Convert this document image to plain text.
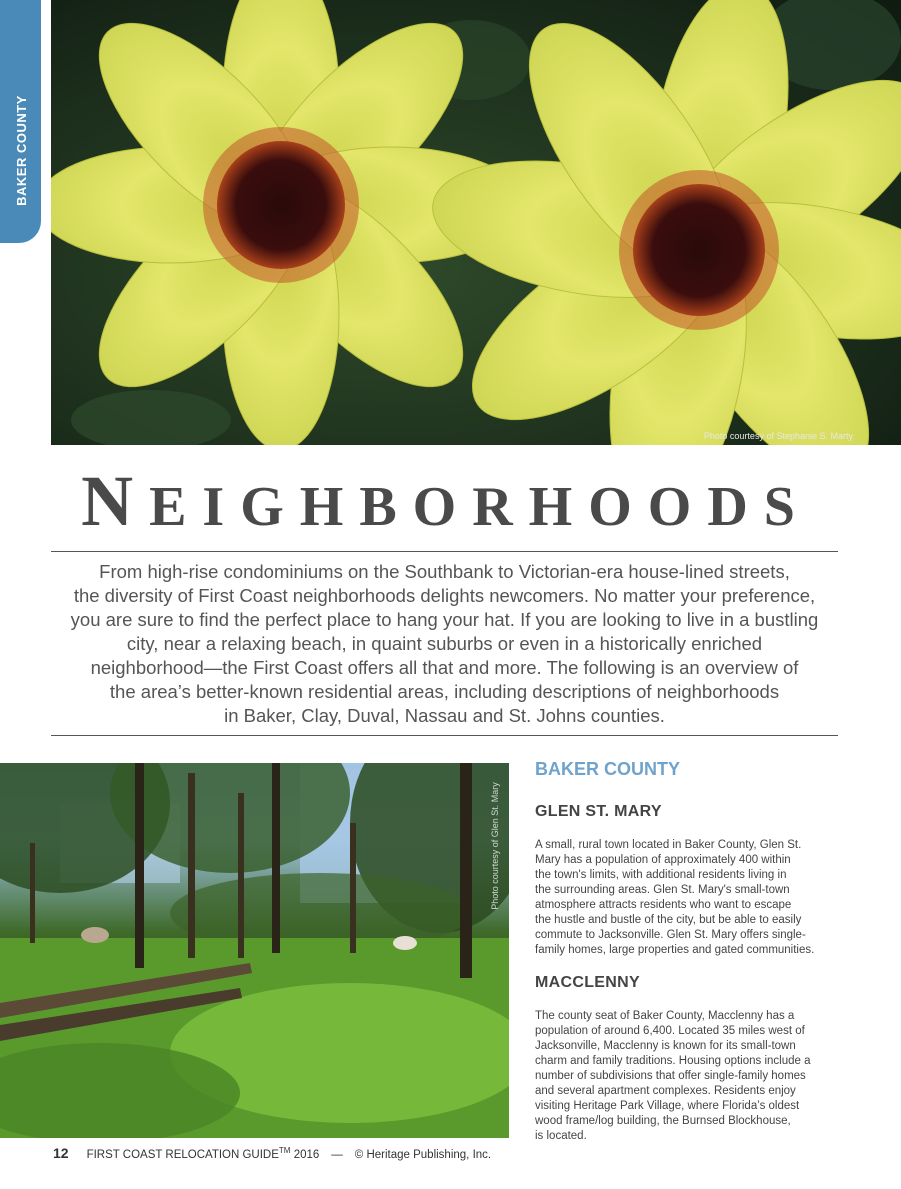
BAKER COUNTY
Photo courtesy of Stephanie S. Marty
NEIGHBORHOODS

From high-rise condominiums on the Southbank to Victorian-era house-lined streets,

the diversity of First Coast neighborhoods delights newcomers. No matter your preference,

you are sure to find the perfect place to hang your hat. If you are looking to live in a bustling

city, near a relaxing beach, in quaint suburbs or even in a historically enriched

neighborhood—the First Coast offers all that and more. The following is an overview of

the area’s better-known residential areas, including descriptions of neighborhoods

in Baker, Clay, Duval, Nassau and St. Johns counties.

Photo courtesy of Glen St. Mary
BAKER COUNTY
GLEN ST. MARY

A small, rural town located in Baker County, Glen St.

Mary has a population of approximately 400 within

the town's limits, with additional residents living in

the surrounding areas. Glen St. Mary's small-town

atmosphere attracts residents who want to escape

the hustle and bustle of the city, but be able to easily

commute to Jacksonville. Glen St. Mary offers single-

family homes, large properties and gated communities.

MACCLENNY

The county seat of Baker County, Macclenny has a

population of around 6,400. Located 35 miles west of

Jacksonville, Macclenny is known for its small-town

charm and family traditions. Housing options include a

number of subdivisions that offer single-family homes

and several apartment complexes. Residents enjoy

visiting Heritage Park Village, where Florida’s oldest

wood frame/log building, the Burnsed Blockhouse,

is located.

12 FIRST COAST RELOCATION GUIDE™ 2016 — © Heritage Publishing, Inc.
